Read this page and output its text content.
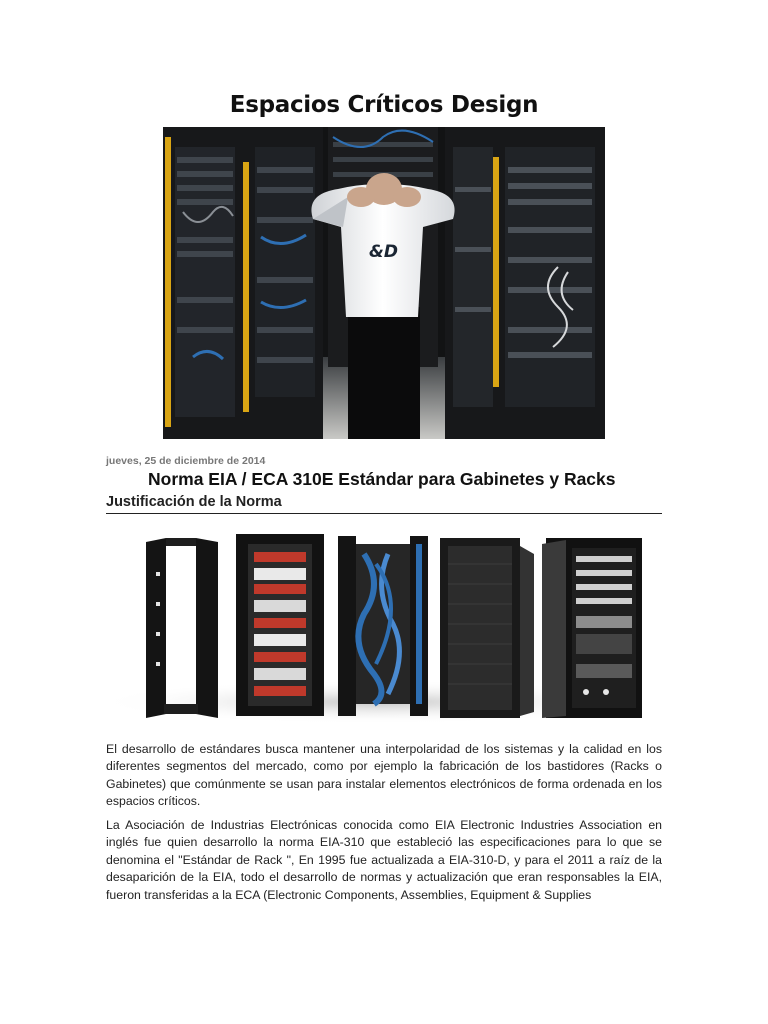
Espacios Críticos Design
&D
jueves, 25 de diciembre de 2014
Norma EIA / ECA 310E Estándar para Gabinetes y Racks
Justificación de la Norma

El desarrollo de estándares busca mantener una interpolaridad de los sistemas y la calidad en los diferentes segmentos del mercado, como por ejemplo la fabricación de los bastidores (Racks o Gabinetes) que comúnmente se usan para instalar elementos electrónicos de forma ordenada en los espacios críticos.

La Asociación de Industrias Electrónicas conocida como EIA Electronic Industries Association en inglés fue quien desarrollo la norma EIA-310 que estableció las especificaciones para lo que se denomina el "Estándar de Rack ", En 1995 fue actualizada a EIA-310-D, y para el 2011 a raíz de la desaparición de la EIA, todo el desarrollo de normas y actualización que eran responsables la EIA, fueron transferidas a la ECA (Electronic Components, Assemblies, Equipment & Supplies
